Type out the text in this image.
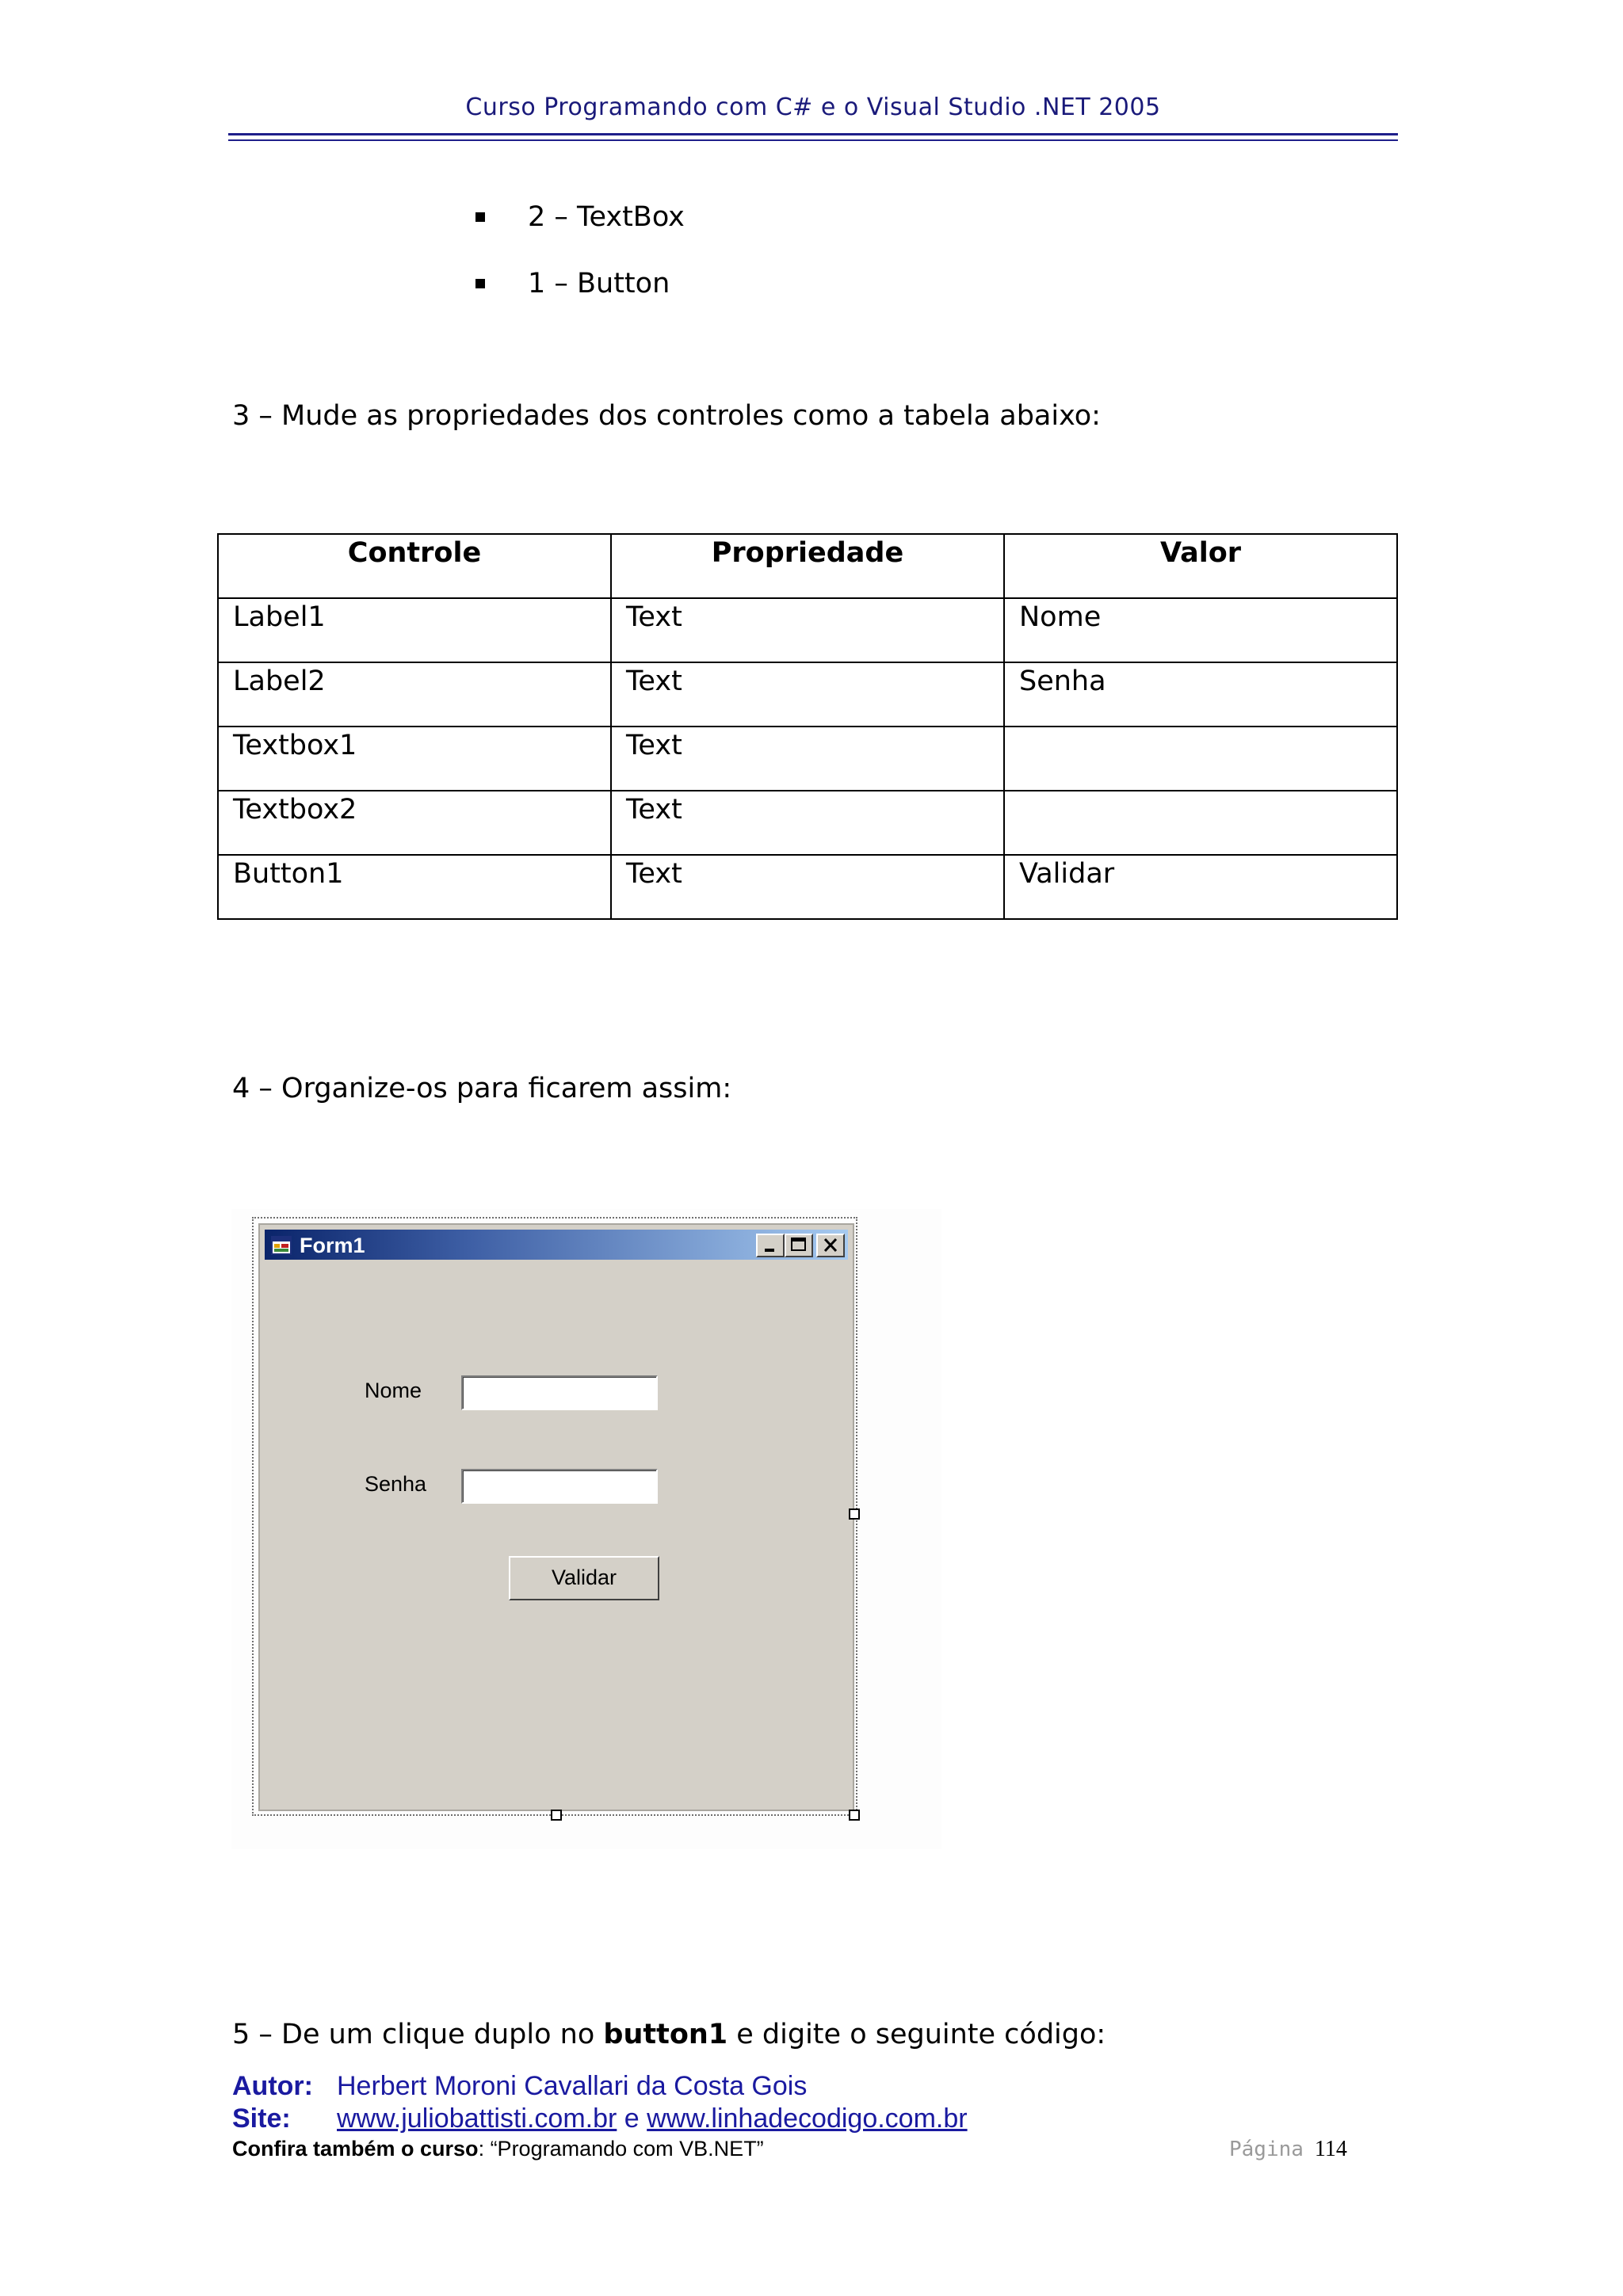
Curso Programando com C# e o Visual Studio .NET 2005
2 – TextBox
1 – Button
3 – Mude as propriedades dos controles como a tabela abaixo:
Controle	Propriedade	Valor
Label1	Text	Nome
Label2	Text	Senha
Textbox1	Text	
Textbox2	Text	
Button1	Text	Validar
4 – Organize-os para ficarem assim:
Form1
Nome
Senha
Validar
5 – De um clique duplo no button1 e digite o seguinte código:
Autor: Herbert Moroni Cavallari da Costa Gois
Site: www.juliobattisti.com.br e www.linhadecodigo.com.br
Confira também o curso: “Programando com VB.NET”	Página 114
